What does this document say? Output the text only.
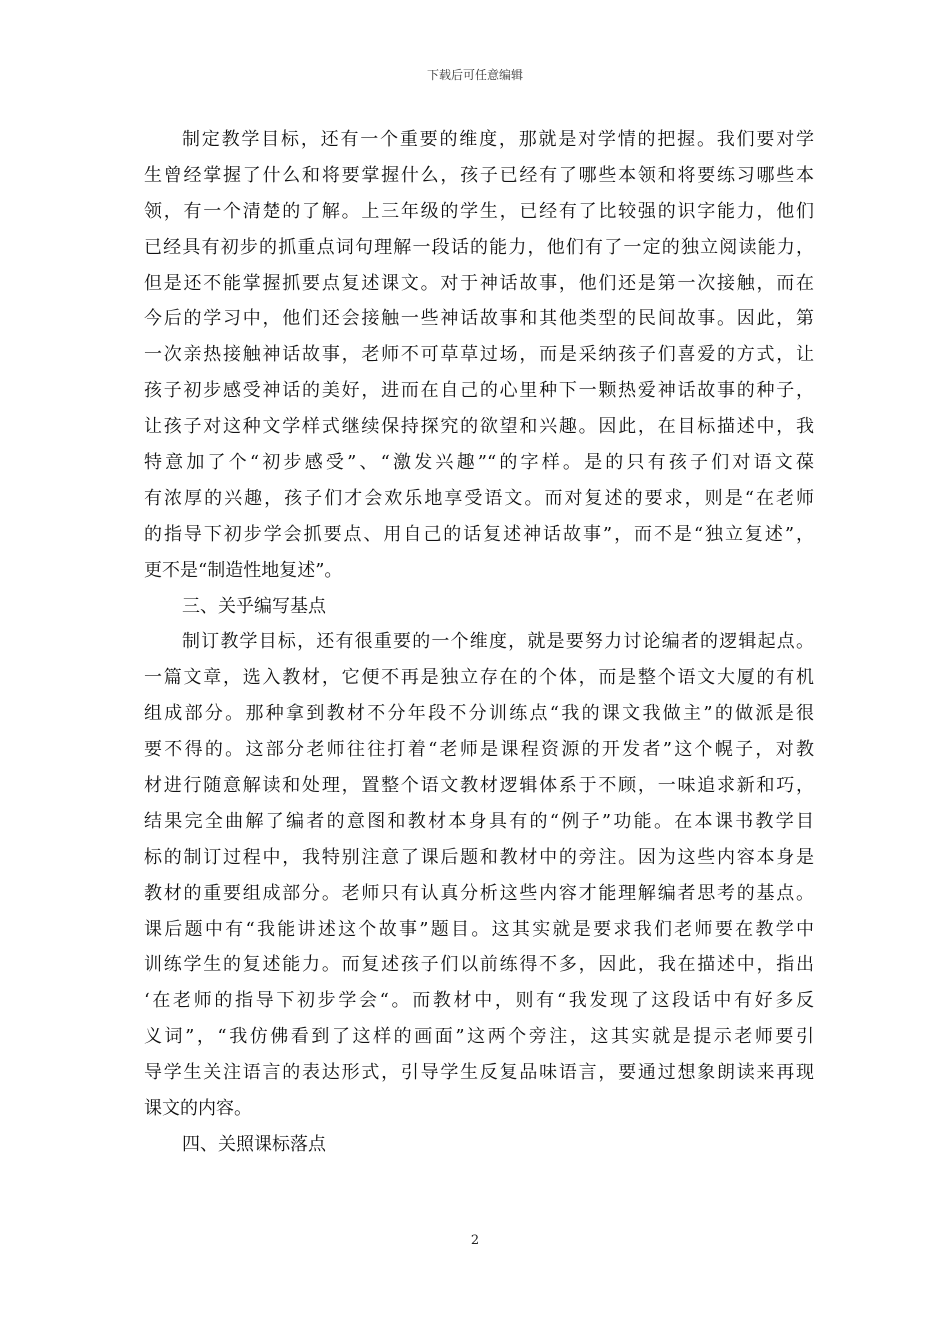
下载后可任意编辑
制定教学目标，还有一个重要的维度，那就是对学情的把握。我们要对学
生曾经掌握了什么和将要掌握什么，孩子已经有了哪些本领和将要练习哪些本
领，有一个清楚的了解。上三年级的学生，已经有了比较强的识字能力，他们
已经具有初步的抓重点词句理解一段话的能力，他们有了一定的独立阅读能力，
但是还不能掌握抓要点复述课文。对于神话故事，他们还是第一次接触，而在
今后的学习中，他们还会接触一些神话故事和其他类型的民间故事。因此，第
一次亲热接触神话故事，老师不可草草过场，而是采纳孩子们喜爱的方式，让
孩子初步感受神话的美好，进而在自己的心里种下一颗热爱神话故事的种子，
让孩子对这种文学样式继续保持探究的欲望和兴趣。因此，在目标描述中，我
特意加了个“初步感受”、“激发兴趣”“的字样。是的只有孩子们对语文葆
有浓厚的兴趣，孩子们才会欢乐地享受语文。而对复述的要求，则是“在老师
的指导下初步学会抓要点、用自己的话复述神话故事”，而不是“独立复述”，
更不是“制造性地复述”。
三、关乎编写基点
制订教学目标，还有很重要的一个维度，就是要努力讨论编者的逻辑起点。
一篇文章，选入教材，它便不再是独立存在的个体，而是整个语文大厦的有机
组成部分。那种拿到教材不分年段不分训练点“我的课文我做主”的做派是很
要不得的。这部分老师往往打着“老师是课程资源的开发者”这个幌子，对教
材进行随意解读和处理，置整个语文教材逻辑体系于不顾，一味追求新和巧，
结果完全曲解了编者的意图和教材本身具有的“例子”功能。在本课书教学目
标的制订过程中，我特别注意了课后题和教材中的旁注。因为这些内容本身是
教材的重要组成部分。老师只有认真分析这些内容才能理解编者思考的基点。
课后题中有“我能讲述这个故事”题目。这其实就是要求我们老师要在教学中
训练学生的复述能力。而复述孩子们以前练得不多，因此，我在描述中，指出
‘在老师的指导下初步学会“。而教材中，则有“我发现了这段话中有好多反
义词”，“我仿佛看到了这样的画面”这两个旁注，这其实就是提示老师要引
导学生关注语言的表达形式，引导学生反复品味语言，要通过想象朗读来再现
课文的内容。
四、关照课标落点
2
